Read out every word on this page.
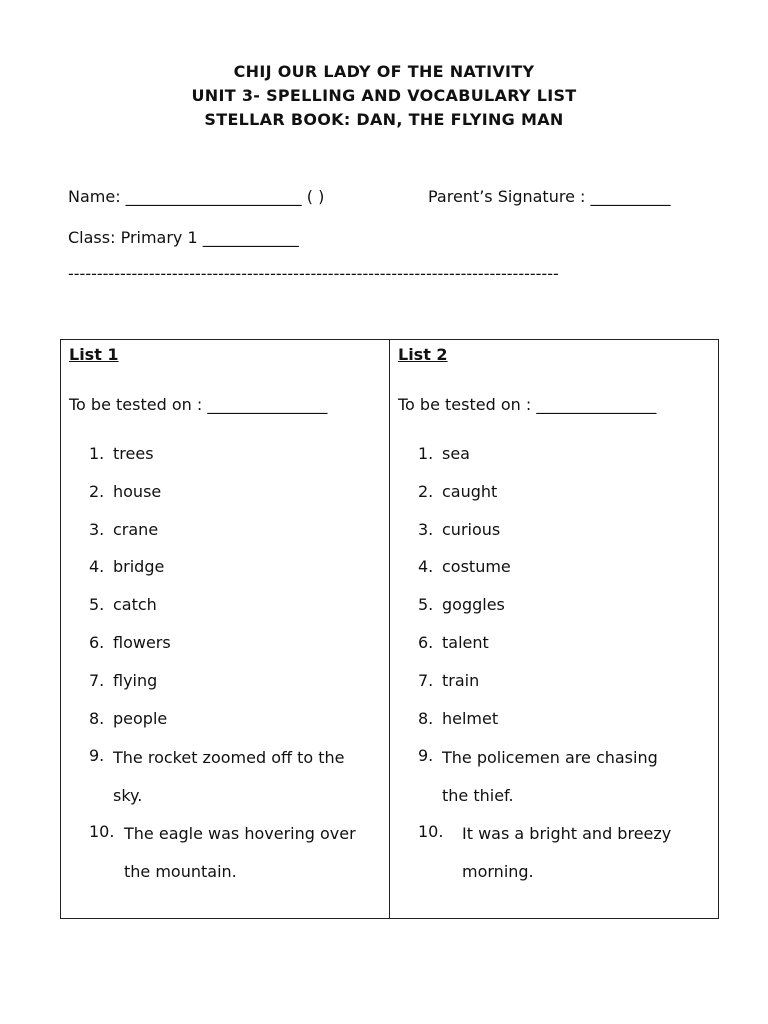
CHIJ OUR LADY OF THE NATIVITY
UNIT 3- SPELLING AND VOCABULARY LIST
STELLAR BOOK: DAN, THE FLYING MAN
Name: ______________________ ( )	Parent’s Signature : __________
Class: Primary 1 ____________
-------------------------------------------------------------------------------------
List 1
To be tested on : _______________
1. trees
2. house
3. crane
4. bridge
5. catch
6. flowers
7. flying
8. people
9. The rocket zoomed off to the sky.
10. The eagle was hovering over the mountain.
List 2
To be tested on : _______________
1. sea
2. caught
3. curious
4. costume
5. goggles
6. talent
7. train
8. helmet
9. The policemen are chasing the thief.
10. It was a bright and breezy morning.
